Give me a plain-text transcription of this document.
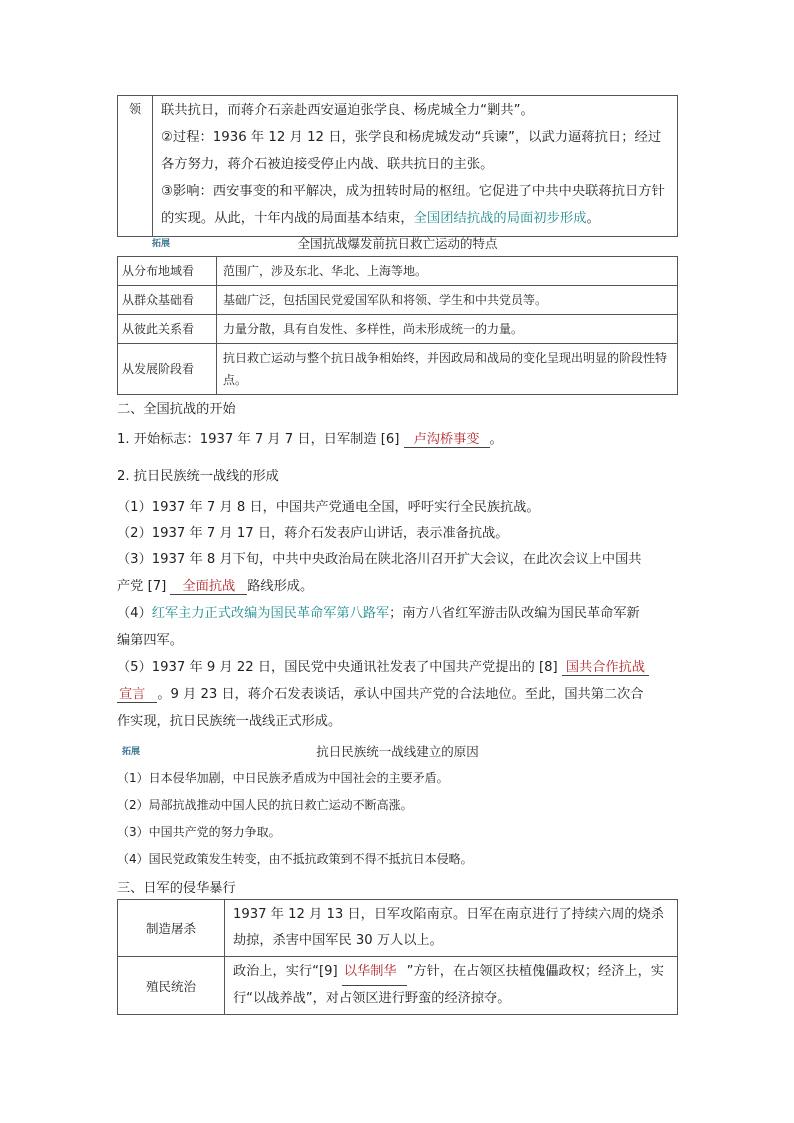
领	联共抗日，而蒋介石亲赴西安逼迫张学良、杨虎城全力“剿共”。

②过程：1936 年 12 月 12 日，张学良和杨虎城发动“兵谏”，以武力逼蒋抗日；经过各方努力，蒋介石被迫接受停止内战、联共抗日的主张。

③影响：西安事变的和平解决，成为扭转时局的枢纽。它促进了中共中央联蒋抗日方针的实现。从此，十年内战的局面基本结束，全国团结抗战的局面初步形成。

拓展	全国抗战爆发前抗日救亡运动的特点
从分布地域看	范围广，涉及东北、华北、上海等地。
从群众基础看	基础广泛，包括国民党爱国军队和将领、学生和中共党员等。
从彼此关系看	力量分散，具有自发性、多样性，尚未形成统一的力量。
从发展阶段看	抗日救亡运动与整个抗日战争相始终，并因政局和战局的变化呈现出明显的阶段性特点。
二、全国抗战的开始
1. 开始标志：1937 年 7 月 7 日，日军制造 [6] 卢沟桥事变 。
2. 抗日民族统一战线的形成
（1）1937 年 7 月 8 日，中国共产党通电全国，呼吁实行全民族抗战。
（2）1937 年 7 月 17 日，蒋介石发表庐山讲话，表示准备抗战。
（3）1937 年 8 月下旬，中共中央政治局在陕北洛川召开扩大会议，在此次会议上中国共
产党 [7] 全面抗战 路线形成。
（4）红军主力正式改编为国民革命军第八路军；南方八省红军游击队改编为国民革命军新
编第四军。
（5）1937 年 9 月 22 日，国民党中央通讯社发表了中国共产党提出的 [8] 国共合作抗战
宣言 。9 月 23 日，蒋介石发表谈话，承认中国共产党的合法地位。至此，国共第二次合
作实现，抗日民族统一战线正式形成。
拓展	抗日民族统一战线建立的原因
（1）日本侵华加剧，中日民族矛盾成为中国社会的主要矛盾。
（2）局部抗战推动中国人民的抗日救亡运动不断高涨。
（3）中国共产党的努力争取。
（4）国民党政策发生转变，由不抵抗政策到不得不抵抗日本侵略。
三、日军的侵华暴行
制造屠杀	1937 年 12 月 13 日，日军攻陷南京。日军在南京进行了持续六周的烧杀劫掠，杀害中国军民 30 万人以上。
殖民统治	政治上，实行“[9] 以华制华 ”方针，在占领区扶植傀儡政权；经济上，实行“以战养战”，对占领区进行野蛮的经济掠夺。
